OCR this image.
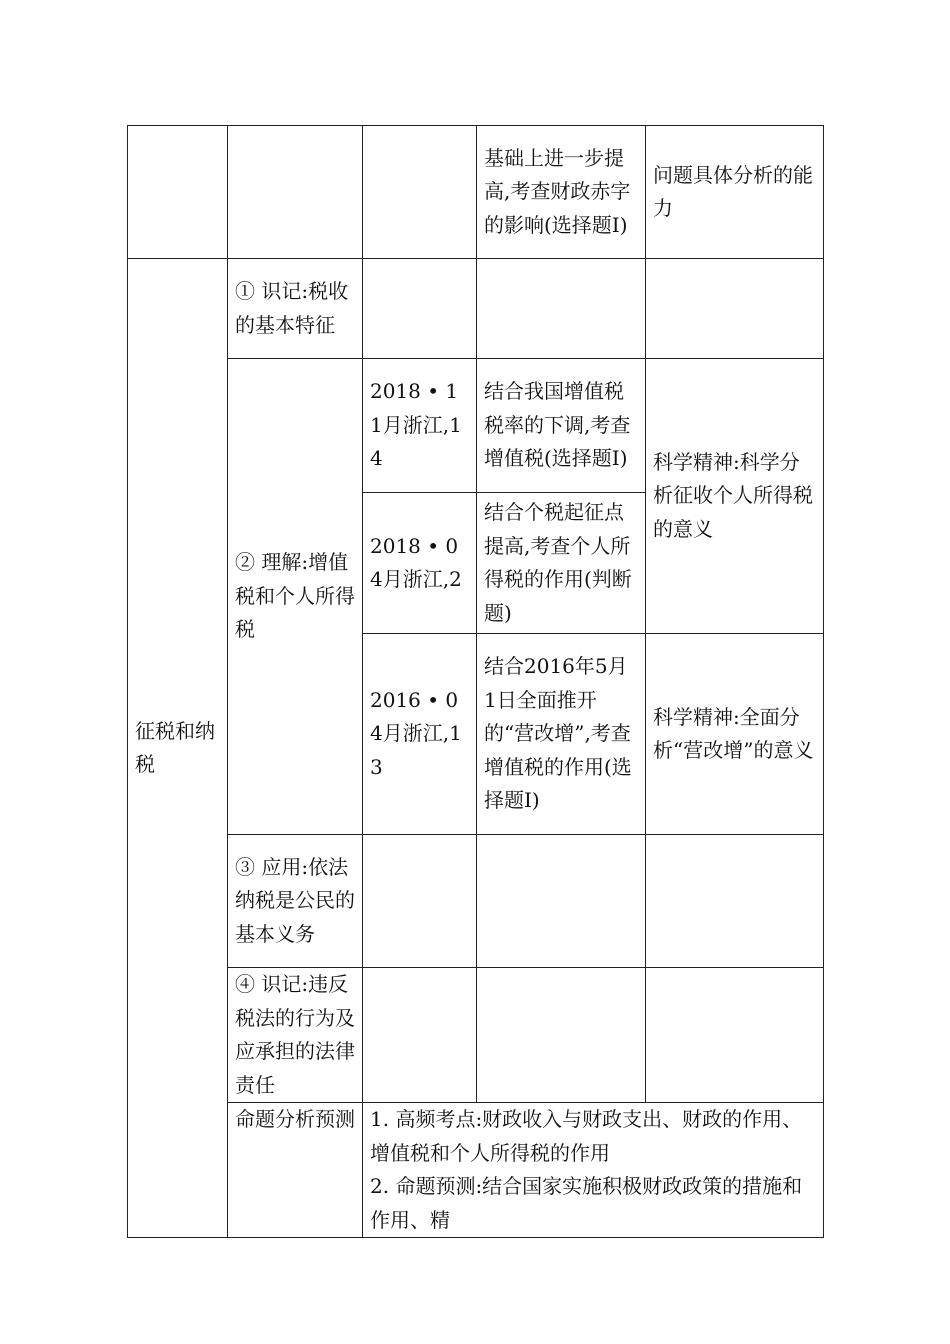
			基础上进一步提高,考查财政赤字的影响(选择题Ⅰ)	问题具体分析的能力

征税和纳税	① 识记:税收的基本特征			

	② 理解:增值税和个人所得税	2018 • 11月浙江,14	结合我国增值税税率的下调,考查增值税(选择题Ⅰ)	科学精神:科学分析征收个人所得税的意义

		2018 • 04月浙江,2	结合个税起征点提高,考查个人所得税的作用(判断题)	

		2016 • 04月浙江,13	结合2016年5月1日全面推开的“营改增”,考查增值税的作用(选择题Ⅰ)	科学精神:全面分析“营改增”的意义

	③ 应用:依法纳税是公民的基本义务			

	④ 识记:违反税法的行为及应承担的法律责任			

	命题分析预测	1. 高频考点:财政收入与财政支出、财政的作用、增值税和个人所得税的作用
2. 命题预测:结合国家实施积极财政政策的措施和作用、精		
